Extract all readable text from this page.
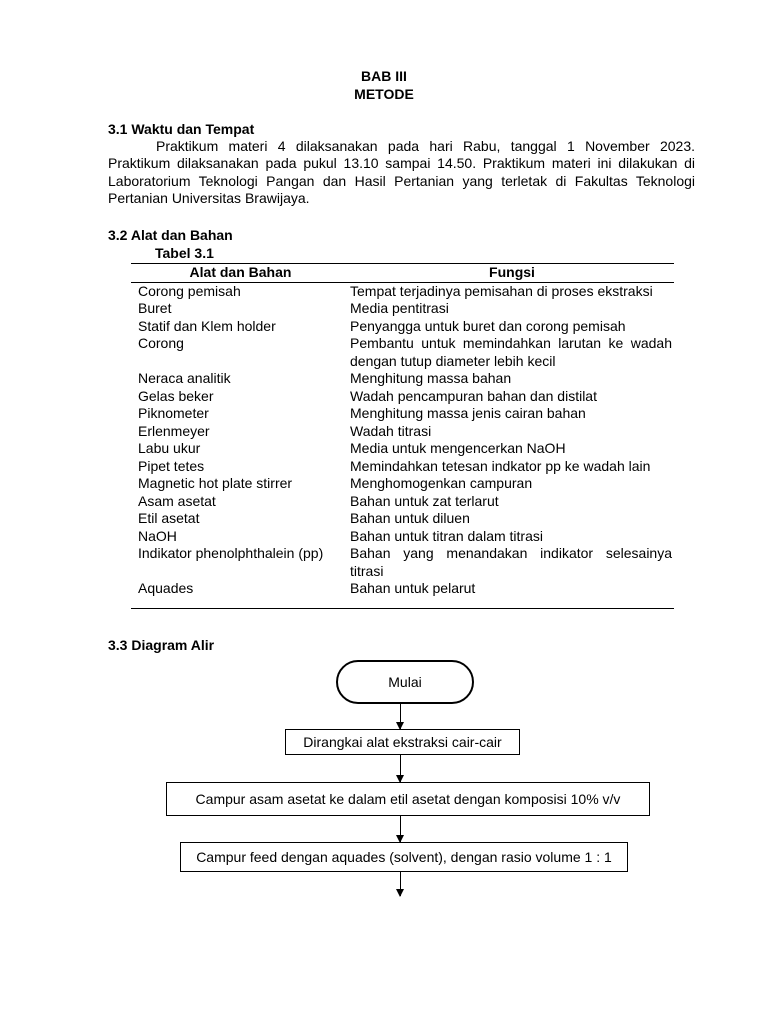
BAB III
METODE
3.1 Waktu dan Tempat

Praktikum materi 4 dilaksanakan pada hari Rabu, tanggal 1 November 2023. Praktikum dilaksanakan pada pukul 13.10 sampai 14.50. Praktikum materi ini dilakukan di Laboratorium Teknologi Pangan dan Hasil Pertanian yang terletak di Fakultas Teknologi Pertanian Universitas Brawijaya.

3.2 Alat dan Bahan
Tabel 3.1
Alat dan Bahan	Fungsi
Corong pemisah	Tempat terjadinya pemisahan di proses ekstraksi
Buret	Media pentitrasi
Statif dan Klem holder	Penyangga untuk buret dan corong pemisah
Corong	Pembantu untuk memindahkan larutan ke wadah dengan tutup diameter lebih kecil
Neraca analitik	Menghitung massa bahan
Gelas beker	Wadah pencampuran bahan dan distilat
Piknometer	Menghitung massa jenis cairan bahan
Erlenmeyer	Wadah titrasi
Labu ukur	Media untuk mengencerkan NaOH
Pipet tetes	Memindahkan tetesan indkator pp ke wadah lain
Magnetic hot plate stirrer	Menghomogenkan campuran
Asam asetat	Bahan untuk zat terlarut
Etil asetat	Bahan untuk diluen
NaOH	Bahan untuk titran dalam titrasi
Indikator phenolphthalein (pp)	Bahan yang menandakan indikator selesainya titrasi
Aquades	Bahan untuk pelarut
3.3 Diagram Alir
Mulai
Dirangkai alat ekstraksi cair-cair
Campur asam asetat ke dalam etil asetat dengan komposisi 10% v/v
Campur feed dengan aquades (solvent), dengan rasio volume 1 : 1
